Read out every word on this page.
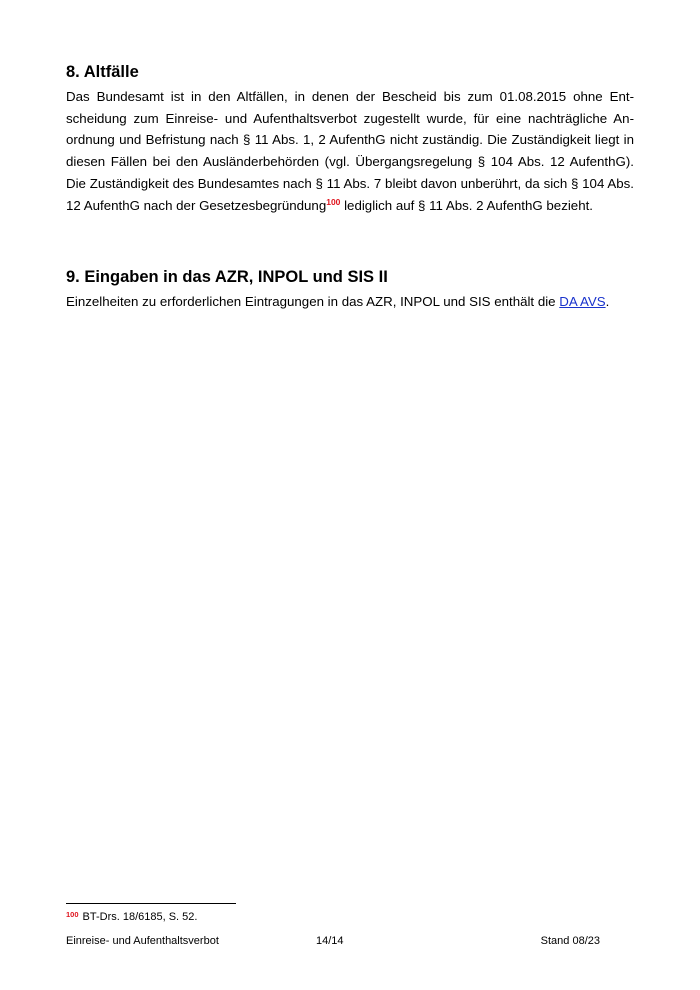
8. Altfälle

Das Bundesamt ist in den Altfällen, in denen der Bescheid bis zum 01.08.2015 ohne Entscheidung zum Einreise- und Aufenthaltsverbot zugestellt wurde, für eine nachträgliche Anordnung und Befristung nach § 11 Abs. 1, 2 AufenthG nicht zuständig. Die Zuständigkeit liegt in diesen Fällen bei den Ausländerbehörden (vgl. Übergangsregelung § 104 Abs. 12 AufenthG). Die Zuständigkeit des Bundesamtes nach § 11 Abs. 7 bleibt davon unberührt, da sich § 104 Abs. 12 AufenthG nach der Gesetzesbegründung$^{100}$ lediglich auf § 11 Abs. 2 AufenthG bezieht.

9. Eingaben in das AZR, INPOL und SIS II

Einzelheiten zu erforderlichen Eintragungen in das AZR, INPOL und SIS enthält die DA AVS.

$^{100}$ BT-Drs. 18/6185, S. 52.
Einreise- und Aufenthaltsverbot	14/14	Stand 08/23
